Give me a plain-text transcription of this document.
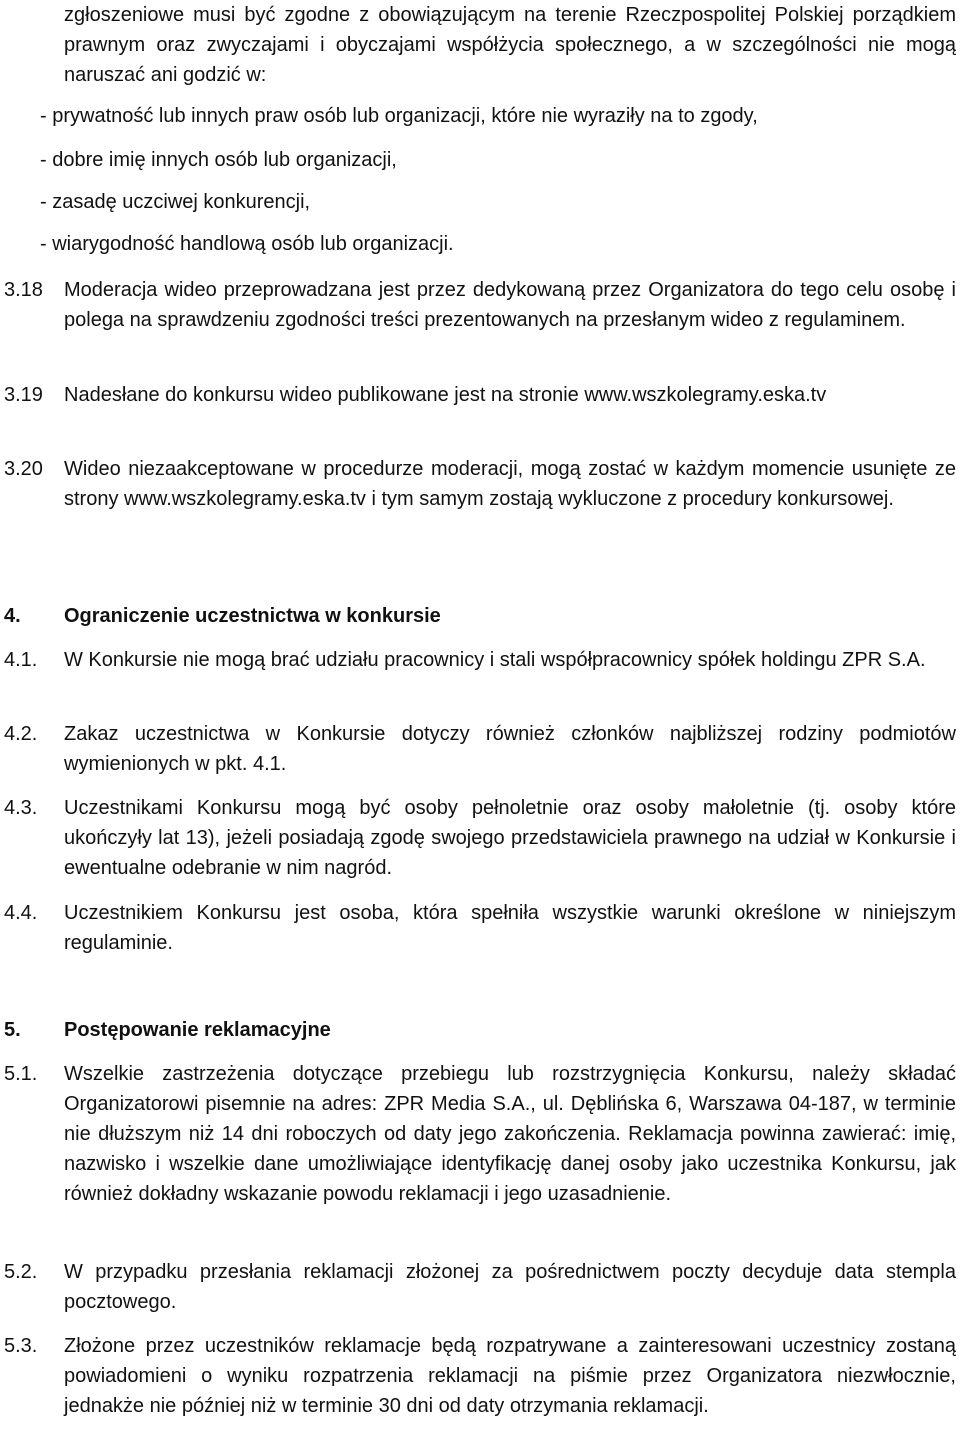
zgłoszeniowe musi być zgodne z obowiązującym na terenie Rzeczpospolitej Polskiej porządkiem prawnym oraz zwyczajami i obyczajami współżycia społecznego, a w szczególności nie mogą naruszać ani godzić w:

- prywatność lub innych praw osób lub organizacji, które nie wyraziły na to zgody,

- dobre imię innych osób lub organizacji,

- zasadę uczciwej konkurencji,

- wiarygodność handlową osób lub organizacji.

3.18 Moderacja wideo przeprowadzana jest przez dedykowaną przez Organizatora do tego celu osobę i polega na sprawdzeniu zgodności treści prezentowanych na przesłanym wideo z regulaminem.
3.19 Nadesłane do konkursu wideo publikowane jest na stronie www.wszkolegramy.eska.tv
3.20 Wideo niezaakceptowane w procedurze moderacji, mogą zostać w każdym momencie usunięte ze strony www.wszkolegramy.eska.tv i tym samym zostają wykluczone z procedury konkursowej.
4. Ograniczenie uczestnictwa w konkursie
4.1. W Konkursie nie mogą brać udziału pracownicy i stali współpracownicy spółek holdingu ZPR S.A.
4.2. Zakaz uczestnictwa w Konkursie dotyczy również członków najbliższej rodziny podmiotów wymienionych w pkt. 4.1.
4.3. Uczestnikami Konkursu mogą być osoby pełnoletnie oraz osoby małoletnie (tj. osoby które ukończyły lat 13), jeżeli posiadają zgodę swojego przedstawiciela prawnego na udział w Konkursie i ewentualne odebranie w nim nagród.
4.4. Uczestnikiem Konkursu jest osoba, która spełniła wszystkie warunki określone w niniejszym regulaminie.
5. Postępowanie reklamacyjne
5.1. Wszelkie zastrzeżenia dotyczące przebiegu lub rozstrzygnięcia Konkursu, należy składać Organizatorowi pisemnie na adres: ZPR Media S.A., ul. Dęblińska 6, Warszawa 04-187, w terminie nie dłuższym niż 14 dni roboczych od daty jego zakończenia. Reklamacja powinna zawierać: imię, nazwisko i wszelkie dane umożliwiające identyfikację danej osoby jako uczestnika Konkursu, jak również dokładny wskazanie powodu reklamacji i jego uzasadnienie.
5.2. W przypadku przesłania reklamacji złożonej za pośrednictwem poczty decyduje data stempla pocztowego.
5.3. Złożone przez uczestników reklamacje będą rozpatrywane a zainteresowani uczestnicy zostaną powiadomieni o wyniku rozpatrzenia reklamacji na piśmie przez Organizatora niezwłocznie, jednakże nie później niż w terminie 30 dni od daty otrzymania reklamacji.
